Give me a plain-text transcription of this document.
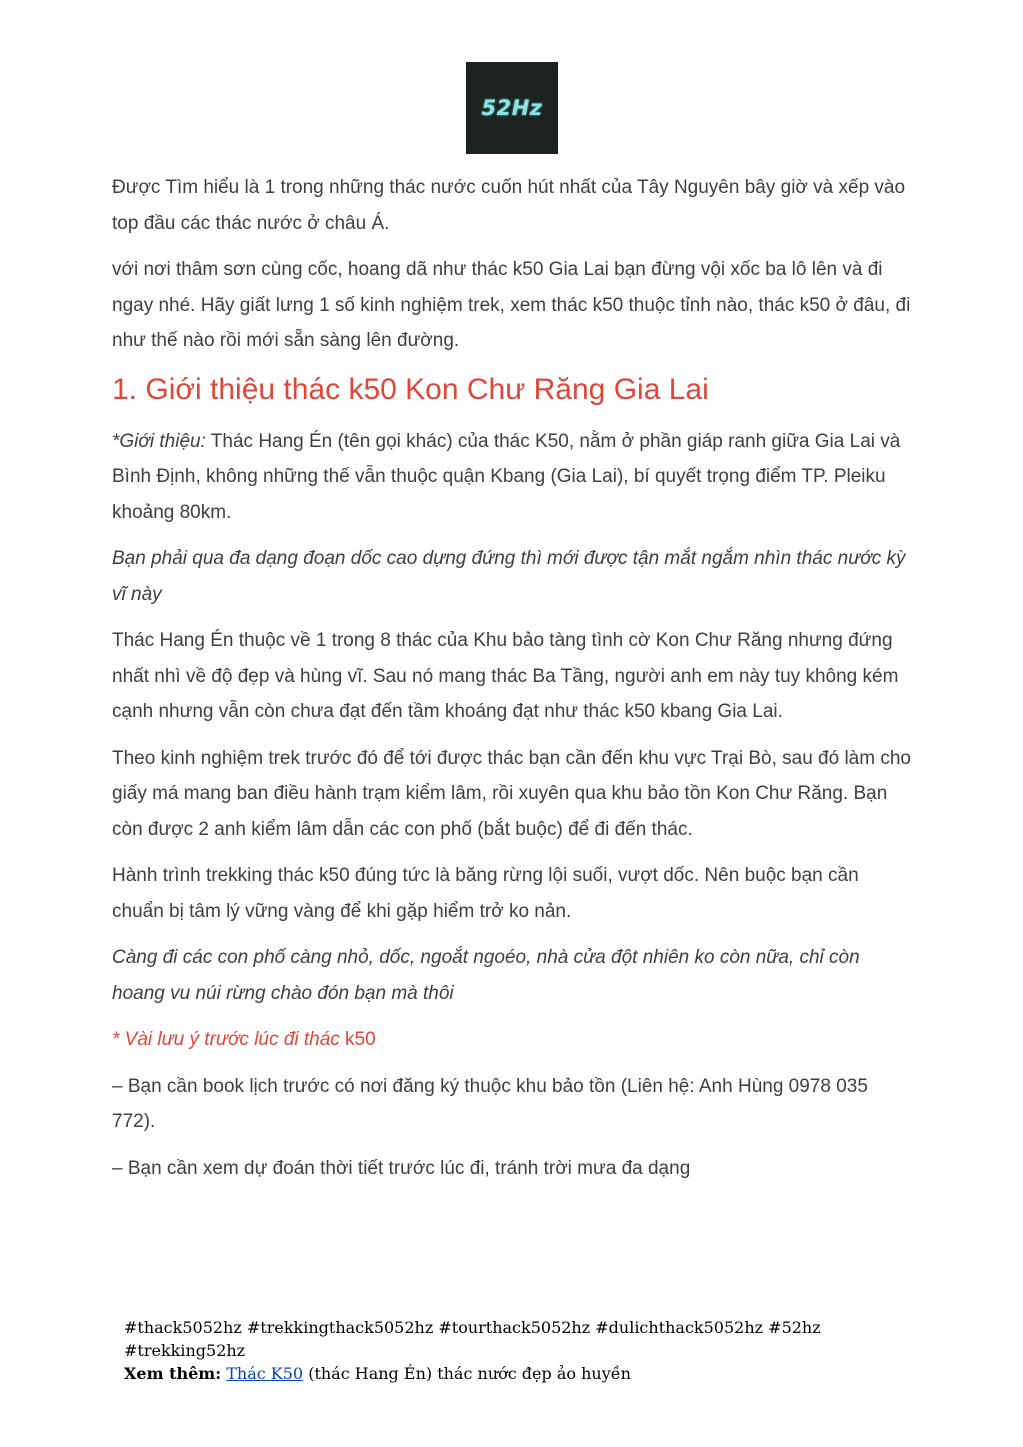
52Hz

Được Tìm hiểu là 1 trong những thác nước cuốn hút nhất của Tây Nguyên bây giờ và xếp vào top đầu các thác nước ở châu Á.

với nơi thâm sơn cùng cốc, hoang dã như thác k50 Gia Lai bạn đừng vội xốc ba lô lên và đi ngay nhé. Hãy giất lưng 1 số kinh nghiệm trek, xem thác k50 thuộc tỉnh nào, thác k50 ở đâu, đi như thế nào rồi mới sẵn sàng lên đường.

1. Giới thiệu thác k50 Kon Chư Răng Gia Lai

*Giới thiệu: Thác Hang Én (tên gọi khác) của thác K50, nằm ở phần giáp ranh giữa Gia Lai và Bình Định, không những thế vẫn thuộc quận Kbang (Gia Lai), bí quyết trọng điểm TP. Pleiku khoảng 80km.

Bạn phải qua đa dạng đoạn dốc cao dựng đứng thì mới được tận mắt ngắm nhìn thác nước kỳ vĩ này

Thác Hang Én thuộc về 1 trong 8 thác của Khu bảo tàng tình cờ Kon Chư Răng nhưng đứng nhất nhì về độ đẹp và hùng vĩ. Sau nó mang thác Ba Tầng, người anh em này tuy không kém cạnh nhưng vẫn còn chưa đạt đến tầm khoáng đạt như thác k50 kbang Gia Lai.

Theo kinh nghiệm trek trước đó để tới được thác bạn cần đến khu vực Trại Bò, sau đó làm cho giấy má mang ban điều hành trạm kiểm lâm, rồi xuyên qua khu bảo tồn Kon Chư Răng. Bạn còn được 2 anh kiểm lâm dẫn các con phố (bắt buộc) để đi đến thác.

Hành trình trekking thác k50 đúng tức là băng rừng lội suối, vượt dốc. Nên buộc bạn cần chuẩn bị tâm lý vững vàng để khi gặp hiểm trở ko nản.

Càng đi các con phố càng nhỏ, dốc, ngoắt ngoéo, nhà cửa đột nhiên ko còn nữa, chỉ còn hoang vu núi rừng chào đón bạn mà thôi

* Vài lưu ý trước lúc đi thác k50

– Bạn cần book lịch trước có nơi đăng ký thuộc khu bảo tồn (Liên hệ: Anh Hùng 0978 035 772).

– Bạn cần xem dự đoán thời tiết trước lúc đi, tránh trời mưa đa dạng

#thack5052hz #trekkingthack5052hz #tourthack5052hz #dulichthack5052hz #52hz #trekking52hz
Xem thêm: Thác K50 (thác Hang Én) thác nước đẹp ảo huyền
